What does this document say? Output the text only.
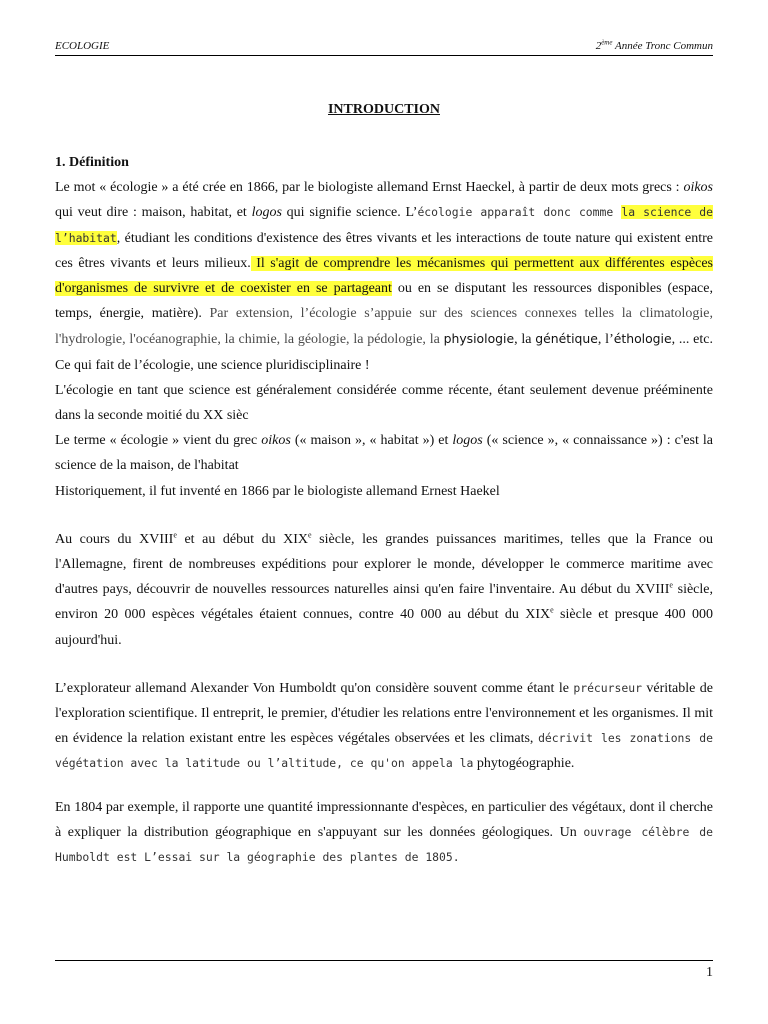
ECOLOGIE	2ème Année Tronc Commun
INTRODUCTION

1. Définition

Le mot « écologie » a été crée en 1866, par le biologiste allemand Ernst Haeckel, à partir de deux mots grecs : oikos qui veut dire : maison, habitat, et logos qui signifie science. L’écologie apparaît donc comme la science de l’habitat, étudiant les conditions d'existence des êtres vivants et les interactions de toute nature qui existent entre ces êtres vivants et leurs milieux. Il s'agit de comprendre les mécanismes qui permettent aux différentes espèces d'organismes de survivre et de coexister en se partageant ou en se disputant les ressources disponibles (espace, temps, énergie, matière). Par extension, l’écologie s’appuie sur des sciences connexes telles la climatologie, l'hydrologie, l'océanographie, la chimie, la géologie, la pédologie, la physiologie, la génétique, l’éthologie, ... etc. Ce qui fait de l’écologie, une science pluridisciplinaire !

L'écologie en tant que science est généralement considérée comme récente, étant seulement devenue prééminente dans la seconde moitié du XX sièc

Le terme « écologie » vient du grec oikos (« maison », « habitat ») et logos (« science », « connaissance ») : c'est la science de la maison, de l'habitat

Historiquement, il fut inventé en 1866 par le biologiste allemand Ernest Haekel

Au cours du XVIIIe et au début du XIXe siècle, les grandes puissances maritimes, telles que la France ou l'Allemagne, firent de nombreuses expéditions pour explorer le monde, développer le commerce maritime avec d'autres pays, découvrir de nouvelles ressources naturelles ainsi qu'en faire l'inventaire. Au début du XVIIIe siècle, environ 20 000 espèces végétales étaient connues, contre 40 000 au début du XIXe siècle et presque 400 000 aujourd'hui.

L’explorateur allemand Alexander Von Humboldt qu'on considère souvent comme étant le précurseur véritable de l'exploration scientifique. Il entreprit, le premier, d'étudier les relations entre l'environnement et les organismes. Il mit en évidence la relation existant entre les espèces végétales observées et les climats, décrivit les zonations de végétation avec la latitude ou l’altitude, ce qu'on appela la phytogéographie.

En 1804 par exemple, il rapporte une quantité impressionnante d'espèces, en particulier des végétaux, dont il cherche à expliquer la distribution géographique en s'appuyant sur les données géologiques. Un ouvrage célèbre de Humboldt est L’essai sur la géographie des plantes de 1805.

1
